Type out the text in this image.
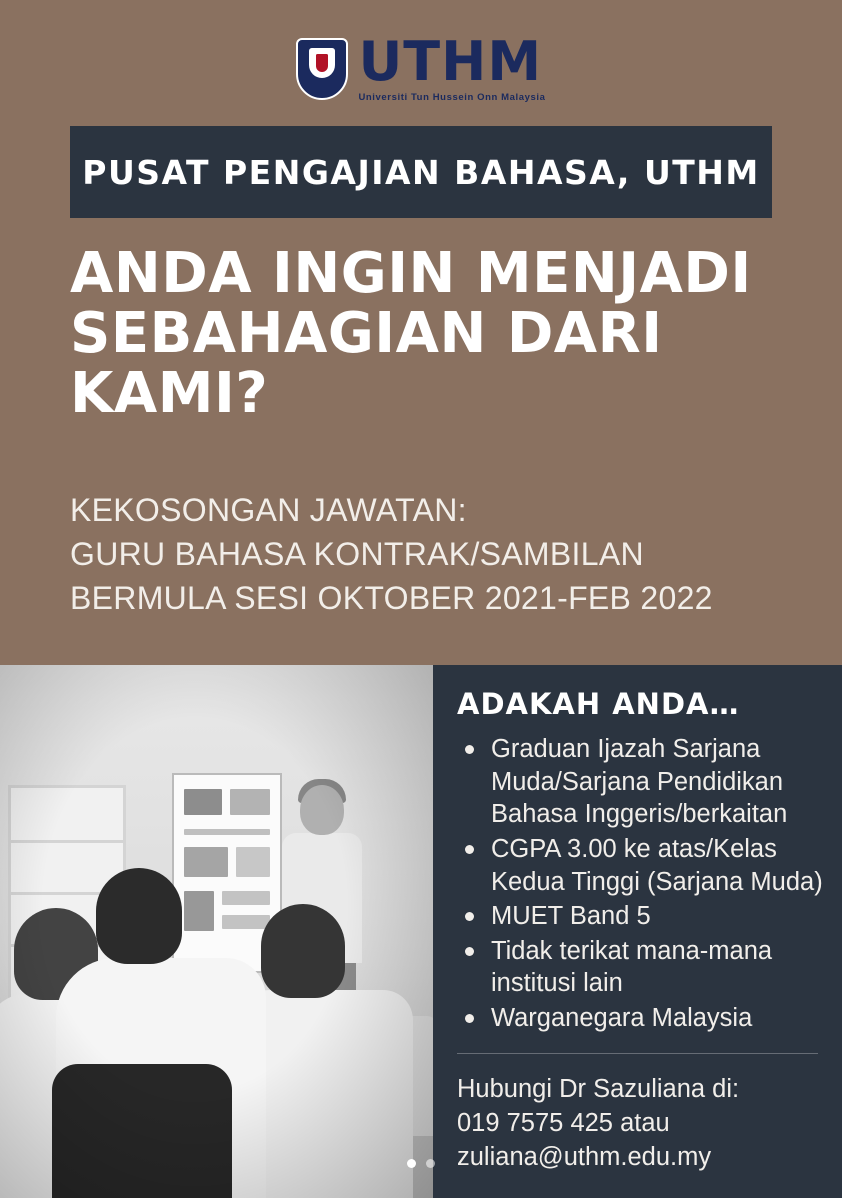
UTHM
Universiti Tun Hussein Onn Malaysia
PUSAT PENGAJIAN BAHASA, UTHM
ANDA INGIN MENJADI
SEBAHAGIAN DARI KAMI?
KEKOSONGAN JAWATAN:
GURU BAHASA KONTRAK/SAMBILAN
BERMULA SESI OKTOBER 2021-FEB 2022
ADAKAH ANDA…
Graduan Ijazah Sarjana Muda/Sarjana Pendidikan Bahasa Inggeris/berkaitan
CGPA 3.00 ke atas/Kelas Kedua Tinggi (Sarjana Muda)
MUET Band 5
Tidak terikat mana-mana institusi lain
Warganegara Malaysia
Hubungi Dr Sazuliana di:
019 7575 425 atau
zuliana@uthm.edu.my
